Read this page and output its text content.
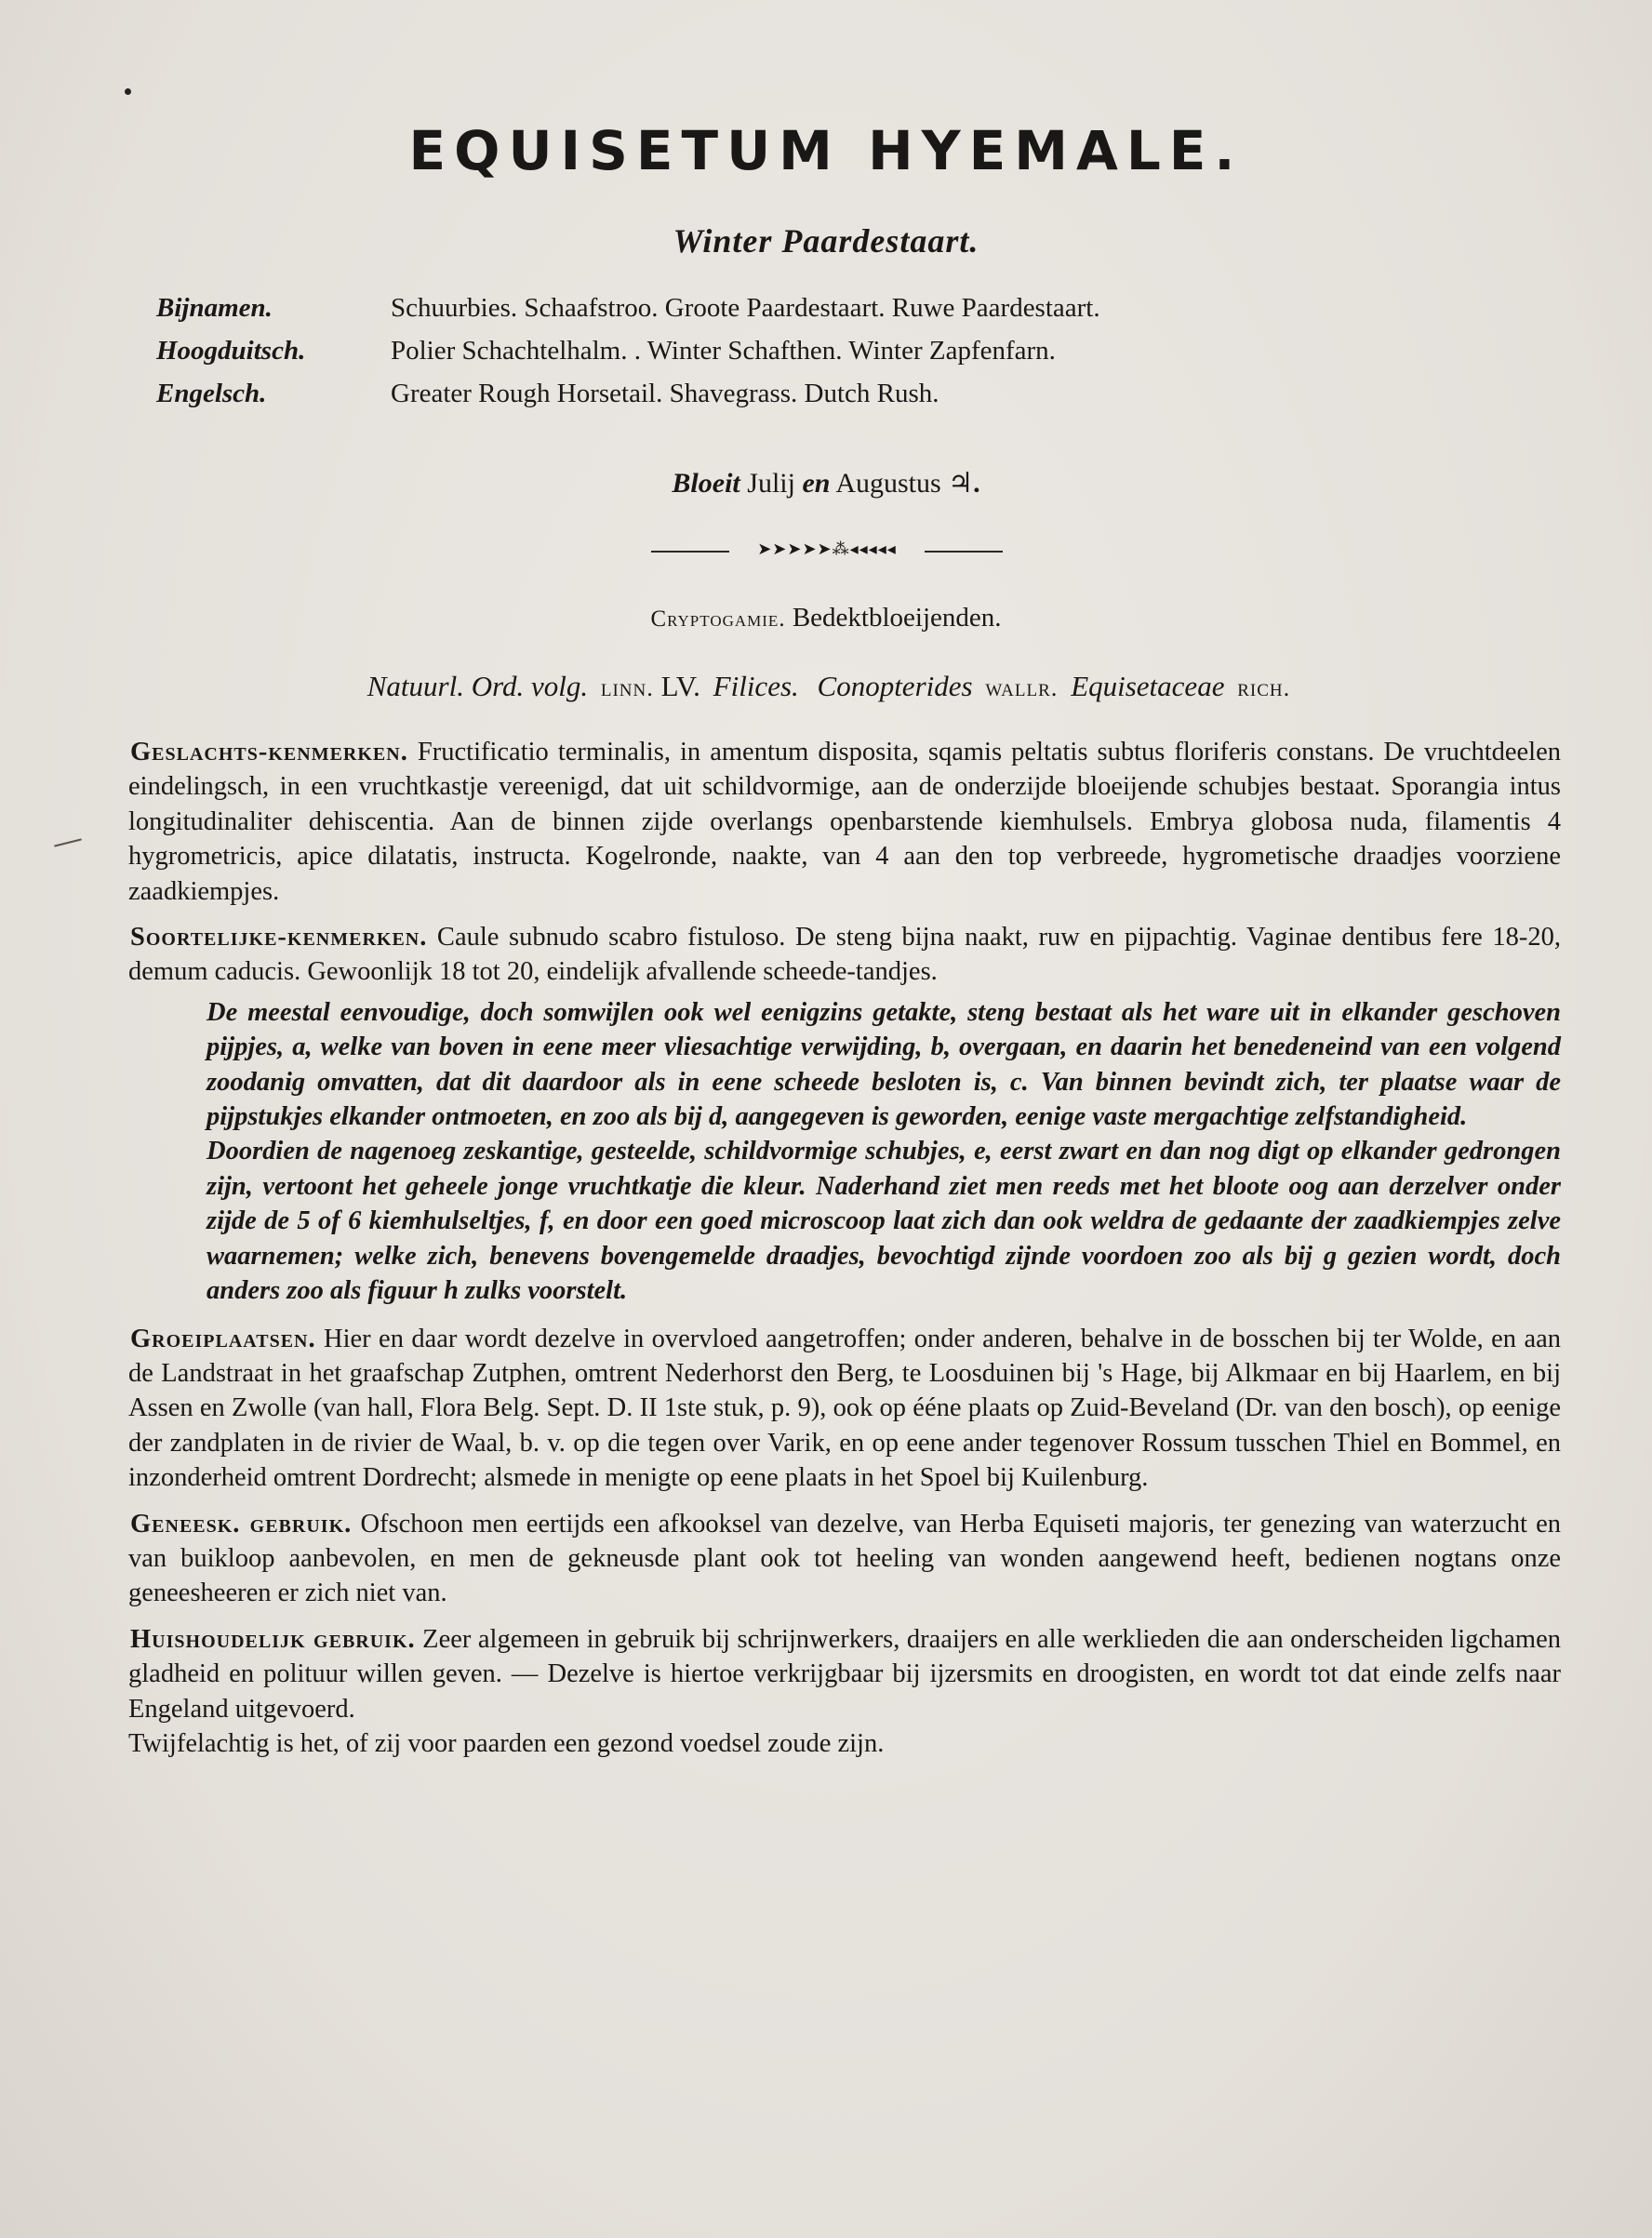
EQUISETUM HYEMALE.
Winter Paardestaart.
Bijnamen.	Schuurbies. Schaafstroo. Groote Paardestaart. Ruwe Paardestaart.
Hoogduitsch.	Polier Schachtelhalm. . Winter Schafthen. Winter Zapfenfarn.
Engelsch.	Greater Rough Horsetail. Shavegrass. Dutch Rush.
Bloeit Julij en Augustus ♃.
➤➤➤➤➤⁂◂◂◂◂◂
Cryptogamie. Bedektbloeijenden.
Natuurl. Ord. volg. linn. LV. Filices. Conopterides wallr. Equisetaceae rich.

Geslachts-kenmerken. Fructificatio terminalis, in amentum disposita, sqamis peltatis subtus floriferis constans. De vruchtdeelen eindelingsch, in een vruchtkastje vereenigd, dat uit schildvormige, aan de onderzijde bloeijende schubjes bestaat. Sporangia intus longitudinaliter dehiscentia. Aan de binnen zijde overlangs openbarstende kiemhulsels. Embrya globosa nuda, filamentis 4 hygrometricis, apice dilatatis, instructa. Kogelronde, naakte, van 4 aan den top verbreede, hygrometische draadjes voorziene zaadkiempjes.

Soortelijke-kenmerken. Caule subnudo scabro fistuloso. De steng bijna naakt, ruw en pijpachtig. Vaginae dentibus fere 18-20, demum caducis. Gewoonlijk 18 tot 20, eindelijk afvallende scheede-tandjes.

De meestal eenvoudige, doch somwijlen ook wel eenigzins getakte, steng bestaat als het ware uit in elkander geschoven pijpjes, a, welke van boven in eene meer vliesachtige verwijding, b, overgaan, en daarin het benedeneind van een volgend zoodanig omvatten, dat dit daardoor als in eene scheede besloten is, c. Van binnen bevindt zich, ter plaatse waar de pijpstukjes elkander ontmoeten, en zoo als bij d, aangegeven is geworden, eenige vaste mergachtige zelfstandigheid.

Doordien de nagenoeg zeskantige, gesteelde, schildvormige schubjes, e, eerst zwart en dan nog digt op elkander gedrongen zijn, vertoont het geheele jonge vruchtkatje die kleur. Naderhand ziet men reeds met het bloote oog aan derzelver onder zijde de 5 of 6 kiemhulseltjes, f, en door een goed microscoop laat zich dan ook weldra de gedaante der zaadkiempjes zelve waarnemen; welke zich, benevens bovengemelde draadjes, bevochtigd zijnde voordoen zoo als bij g gezien wordt, doch anders zoo als figuur h zulks voorstelt.

Groeiplaatsen. Hier en daar wordt dezelve in overvloed aangetroffen; onder anderen, behalve in de bosschen bij ter Wolde, en aan de Landstraat in het graafschap Zutphen, omtrent Nederhorst den Berg, te Loosduinen bij 's Hage, bij Alkmaar en bij Haarlem, en bij Assen en Zwolle (van hall, Flora Belg. Sept. D. II 1ste stuk, p. 9), ook op ééne plaats op Zuid-Beveland (Dr. van den bosch), op eenige der zandplaten in de rivier de Waal, b. v. op die tegen over Varik, en op eene ander tegenover Rossum tusschen Thiel en Bommel, en inzonderheid omtrent Dordrecht; alsmede in menigte op eene plaats in het Spoel bij Kuilenburg.

Geneesk. gebruik. Ofschoon men eertijds een afkooksel van dezelve, van Herba Equiseti majoris, ter genezing van waterzucht en van buikloop aanbevolen, en men de gekneusde plant ook tot heeling van wonden aangewend heeft, bedienen nogtans onze geneesheeren er zich niet van.

Huishoudelijk gebruik. Zeer algemeen in gebruik bij schrijnwerkers, draaijers en alle werklieden die aan onderscheiden ligchamen gladheid en polituur willen geven. — Dezelve is hiertoe verkrijgbaar bij ijzersmits en droogisten, en wordt tot dat einde zelfs naar Engeland uitgevoerd.

Twijfelachtig is het, of zij voor paarden een gezond voedsel zoude zijn.
